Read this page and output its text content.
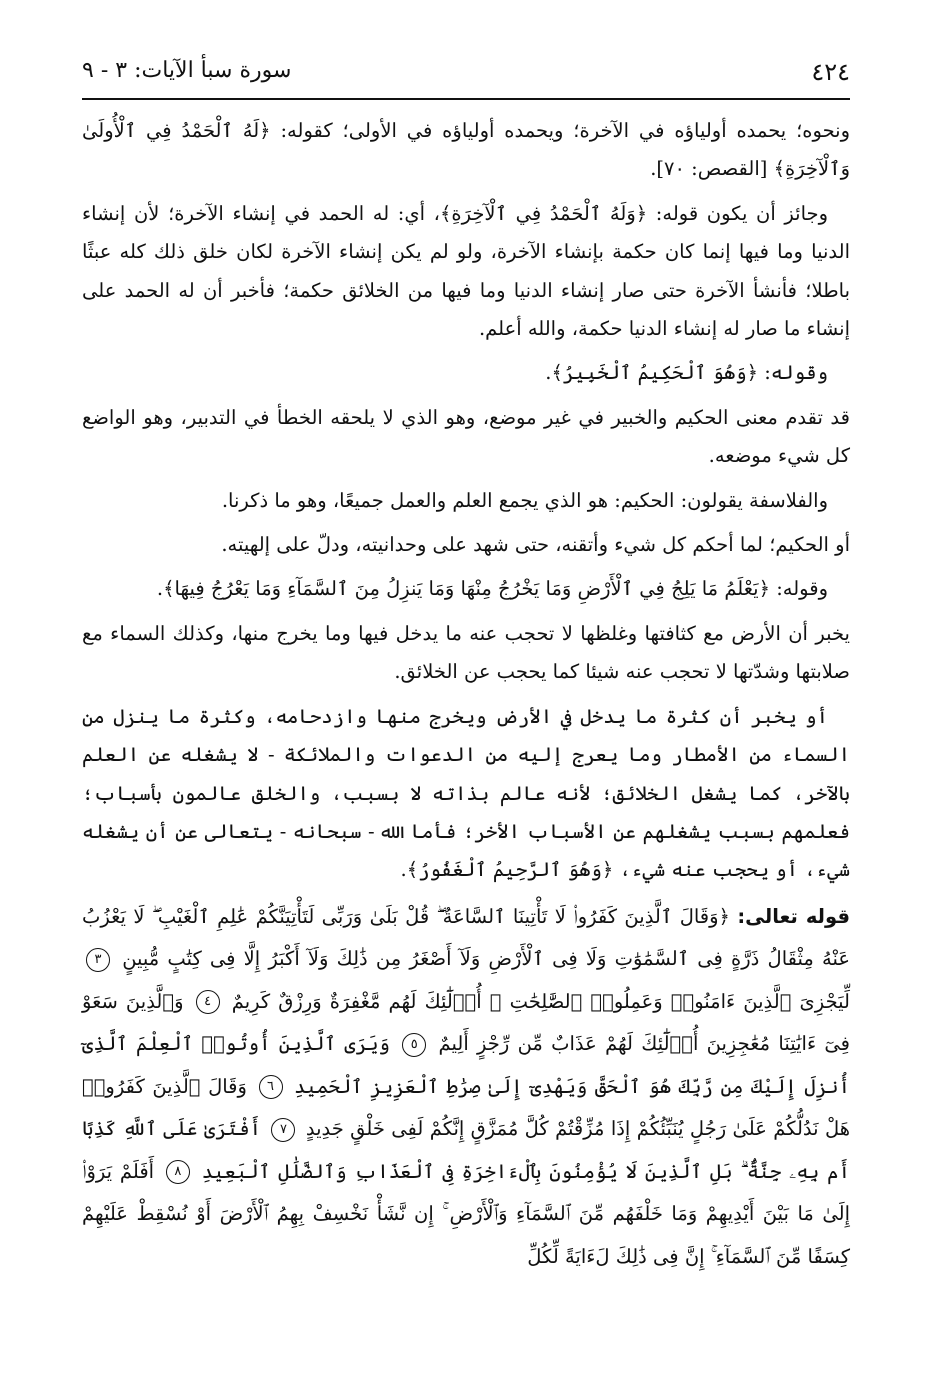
٤٢٤
سورة سبأ الآيات: ٣ - ٩

ونحوه؛ يحمده أولياؤه في الآخرة؛ ويحمده أولياؤه في الأولى؛ كقوله: ﴿لَهُ ٱلْحَمْدُ فِي ٱلْأُولَىٰ وَٱلْآخِرَةِ﴾ [القصص: ٧٠].

وجائز أن يكون قوله: ﴿وَلَهُ ٱلْحَمْدُ فِي ٱلْآخِرَةِ﴾، أي: له الحمد في إنشاء الآخرة؛ لأن إنشاء الدنيا وما فيها إنما كان حكمة بإنشاء الآخرة، ولو لم يكن إنشاء الآخرة لكان خلق ذلك كله عبثًا باطلا؛ فأنشأ الآخرة حتى صار إنشاء الدنيا وما فيها من الخلائق حكمة؛ فأخبر أن له الحمد على إنشاء ما صار له إنشاء الدنيا حكمة، والله أعلم.

وقوله: ﴿وَهُوَ ٱلْحَكِيمُ ٱلْخَبِيرُ﴾.

قد تقدم معنى الحكيم والخبير في غير موضع، وهو الذي لا يلحقه الخطأ في التدبير، وهو الواضع كل شيء موضعه.

والفلاسفة يقولون: الحكيم: هو الذي يجمع العلم والعمل جميعًا، وهو ما ذكرنا.

أو الحكيم؛ لما أحكم كل شيء وأتقنه، حتى شهد على وحدانيته، ودلّ على إلهيته.

وقوله: ﴿يَعْلَمُ مَا يَلِجُ فِي ٱلْأَرْضِ وَمَا يَخْرُجُ مِنْهَا وَمَا يَنزِلُ مِنَ ٱلسَّمَآءِ وَمَا يَعْرُجُ فِيهَا﴾.

يخبر أن الأرض مع كثافتها وغلظها لا تحجب عنه ما يدخل فيها وما يخرج منها، وكذلك السماء مع صلابتها وشدّتها لا تحجب عنه شيئا كما يحجب عن الخلائق.

أو يخبر أن كثرة ما يدخل في الأرض ويخرج منها وازدحامه، وكثرة ما ينزل من السماء من الأمطار وما يعرج إليه من الدعوات والملائكة - لا يشغله عن العلم بالآخر، كما يشغل الخلائق؛ لأنه عالم بذاته لا بسبب، والخلق عالمون بأسباب؛ فعلمهم بسبب يشغلهم عن الأسباب الأخر؛ فأما الله - سبحانه - يتعالى عن أن يشغله شيء، أو يحجب عنه شيء، ﴿وَهُوَ ٱلرَّحِيمُ ٱلْغَفُورُ﴾.

قوله تعالى: ﴿وَقَالَ ٱلَّذِينَ كَفَرُوا۟ لَا تَأْتِينَا ٱلسَّاعَةُ ۖ قُلْ بَلَىٰ وَرَبِّى لَتَأْتِيَنَّكُمْ عَٰلِمِ ٱلْغَيْبِ ۖ لَا يَعْزُبُ عَنْهُ مِثْقَالُ ذَرَّةٍ فِى ٱلسَّمَٰوَٰتِ وَلَا فِى ٱلْأَرْضِ وَلَآ أَصْغَرُ مِن ذَٰلِكَ وَلَآ أَكْبَرُ إِلَّا فِى كِتَٰبٍ مُّبِينٍ ٣ لِّيَجْزِىَ ٱلَّذِينَ ءَامَنُوا۟ وَعَمِلُوا۟ ٱلصَّٰلِحَٰتِ ۚ أُو۟لَٰٓئِكَ لَهُم مَّغْفِرَةٌ وَرِزْقٌ كَرِيمٌ ٤ وَٱلَّذِينَ سَعَوْ فِىٓ ءَايَٰتِنَا مُعَٰجِزِينَ أُو۟لَٰٓئِكَ لَهُمْ عَذَابٌ مِّن رِّجْزٍ أَلِيمٌ ٥ وَيَرَى ٱلَّذِينَ أُوتُوا۟ ٱلْعِلْمَ ٱلَّذِىٓ أُنزِلَ إِلَيْكَ مِن رَّبِّكَ هُوَ ٱلْحَقَّ وَيَهْدِىٓ إِلَىٰ صِرَٰطِ ٱلْعَزِيزِ ٱلْحَمِيدِ ٦ وَقَالَ ٱلَّذِينَ كَفَرُوا۟ هَلْ نَدُلُّكُمْ عَلَىٰ رَجُلٍ يُنَبِّئُكُمْ إِذَا مُزِّقْتُمْ كُلَّ مُمَزَّقٍ إِنَّكُمْ لَفِى خَلْقٍ جَدِيدٍ ٧ أَفْتَرَىٰ عَلَى ٱللَّهِ كَذِبًا أَم بِهِۦ جِنَّةٌۢ ۗ بَلِ ٱلَّذِينَ لَا يُؤْمِنُونَ بِٱلْءَاخِرَةِ فِى ٱلْعَذَابِ وَٱلضَّلَٰلِ ٱلْبَعِيدِ ٨ أَفَلَمْ يَرَوْا۟ إِلَىٰ مَا بَيْنَ أَيْدِيهِمْ وَمَا خَلْفَهُم مِّنَ ٱلسَّمَآءِ وَٱلْأَرْضِ ۚ إِن نَّشَأْ نَخْسِفْ بِهِمُ ٱلْأَرْضَ أَوْ نُسْقِطْ عَلَيْهِمْ كِسَفًا مِّنَ ٱلسَّمَآءِ ۚ إِنَّ فِى ذَٰلِكَ لَءَايَةً لِّكُلِّ
